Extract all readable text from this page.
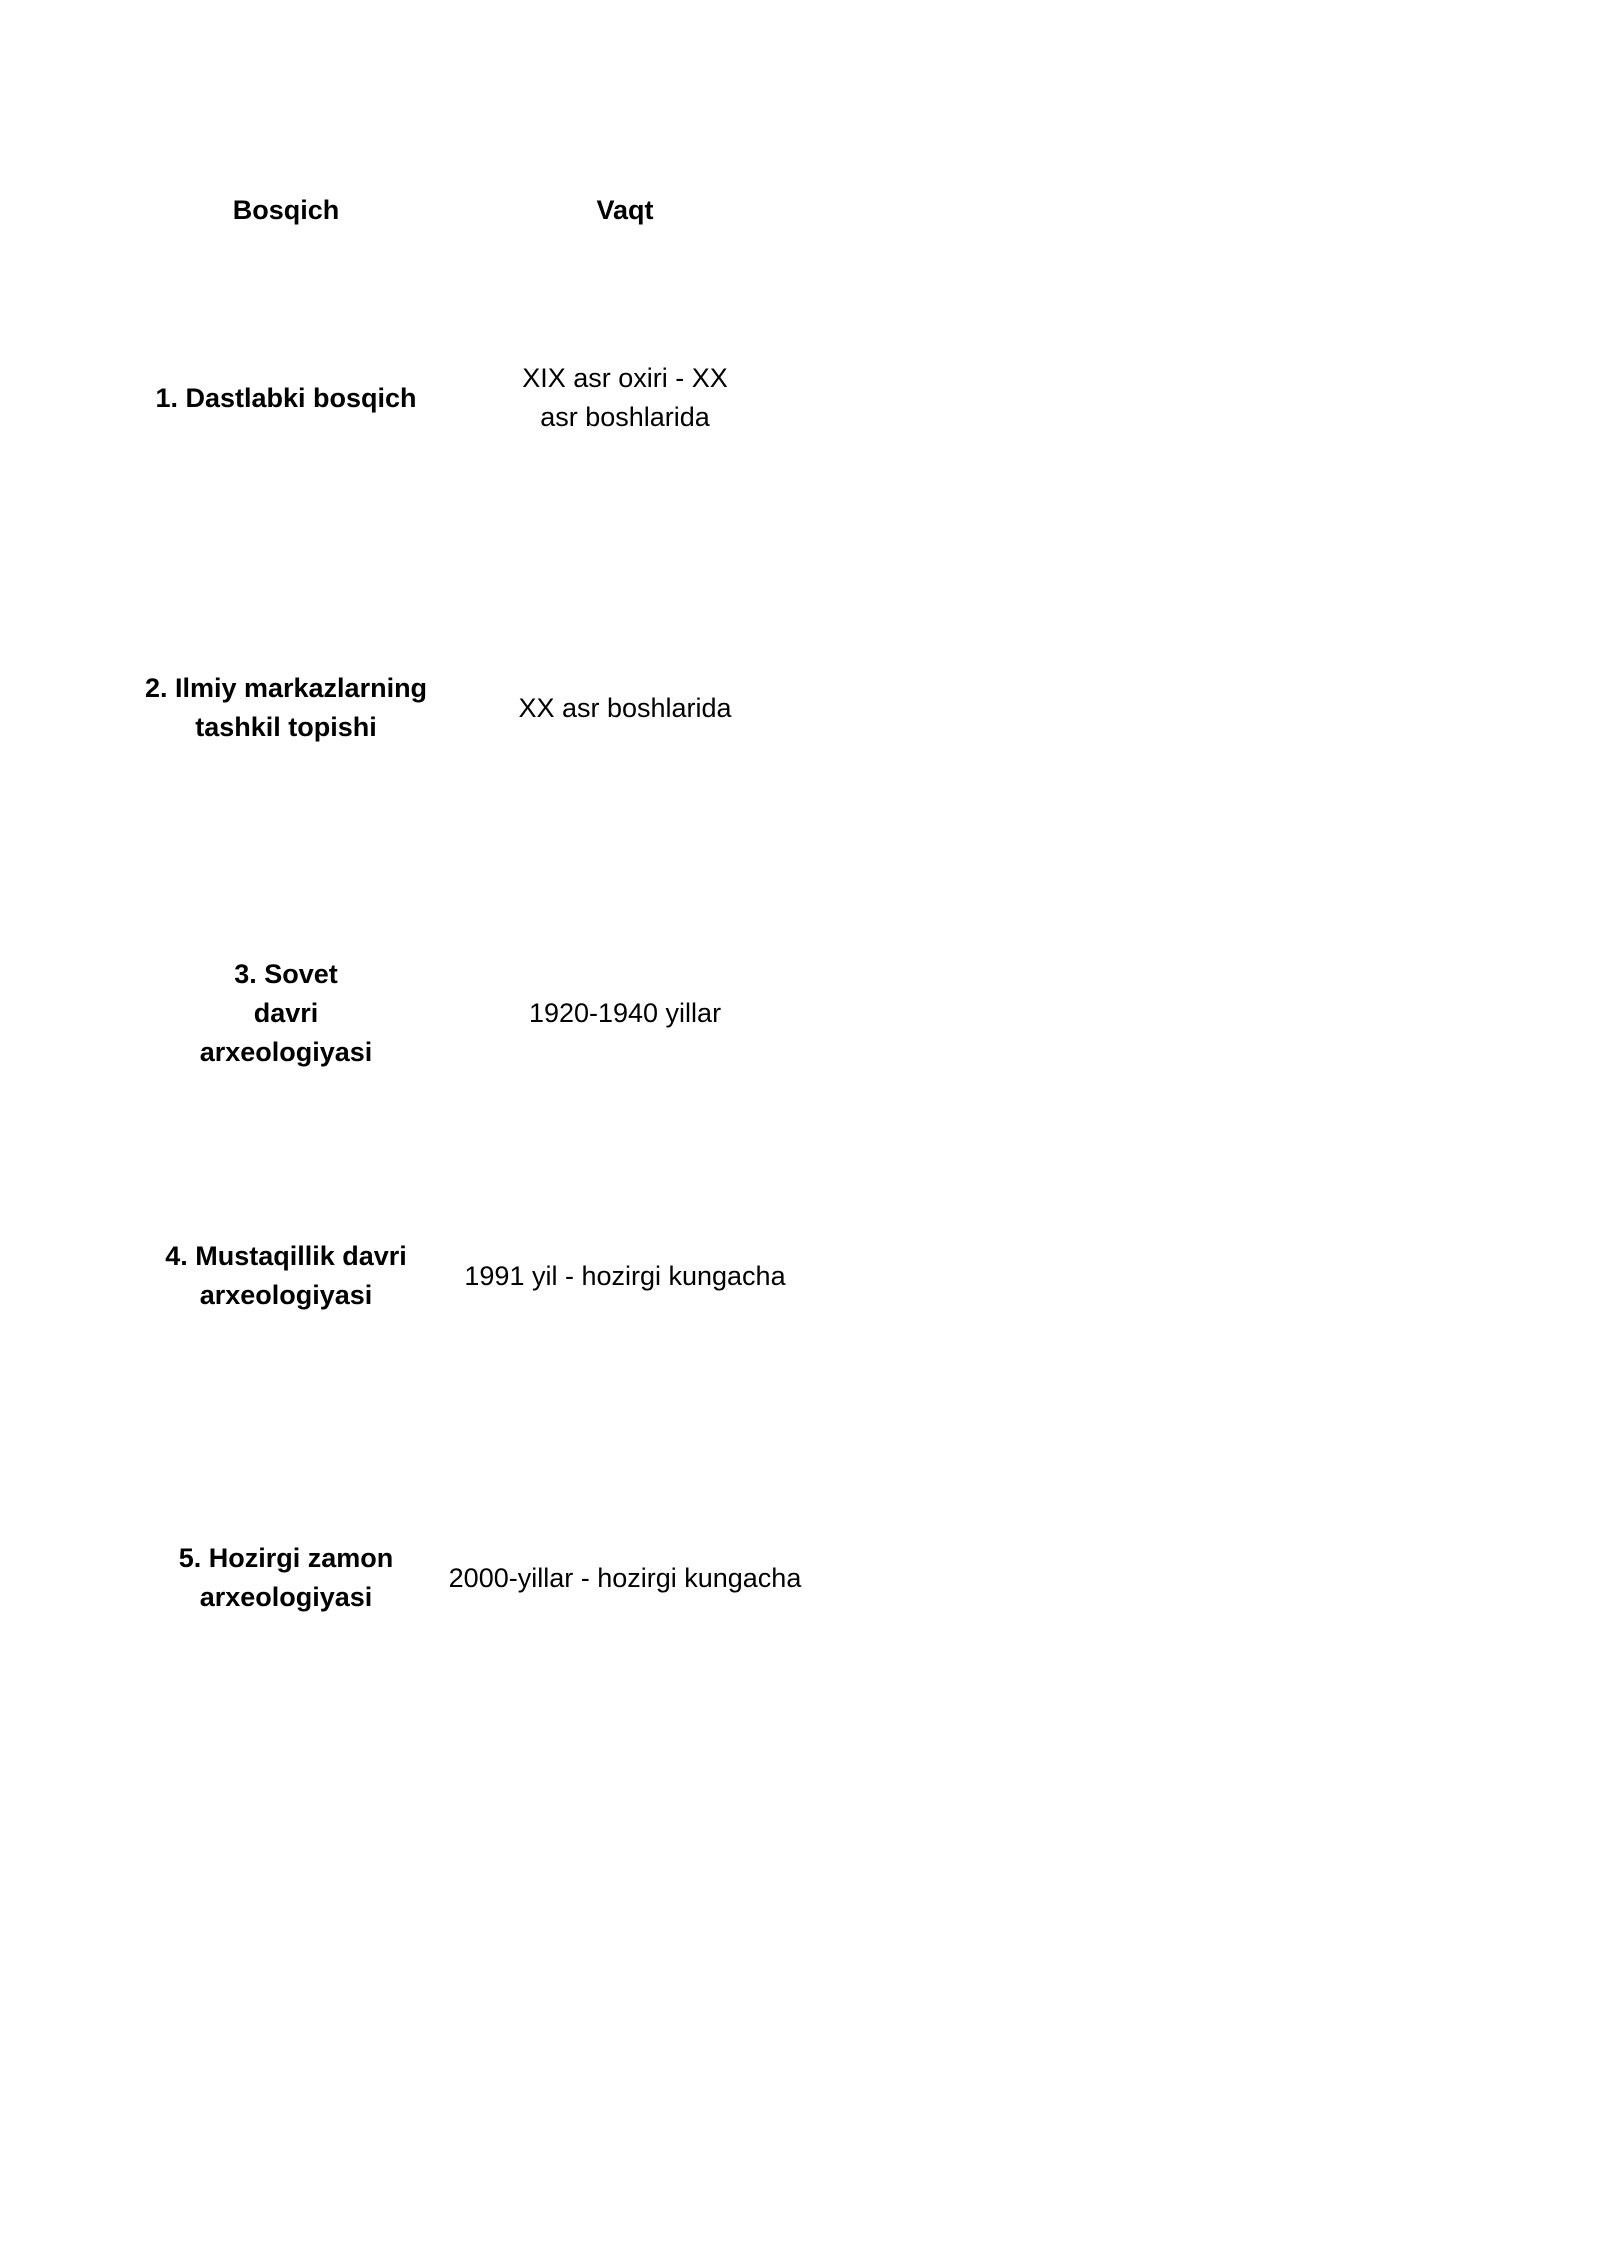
Bosqich	Vaqt
1. Dastlabki bosqich
XIX asr oxiri - XX asr boshlarida
2. Ilmiy markazlarning tashkil topishi
XX asr boshlarida
3. Sovet davri arxeologiyasi
1920-1940 yillar
4. Mustaqillik davri arxeologiyasi
1991 yil - hozirgi kungacha
5. Hozirgi zamon arxeologiyasi
2000-yillar - hozirgi kungacha
